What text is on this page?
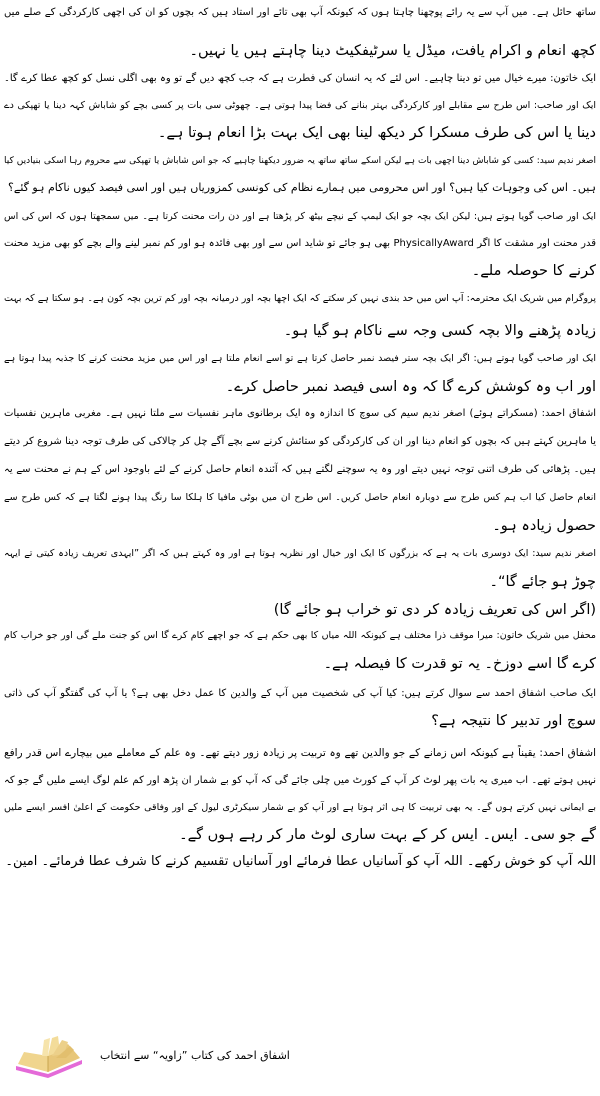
ساتھ حائل ہے۔ میں آپ سے یہ رائے پوچھنا چاہتا ہوں کہ کیونکہ آپ بھی تائے اور استاد ہیں کہ بچوں کو ان کی اچھی کارکردگی کے صلے میں
کچھ انعام و اکرام یافت، میڈل یا سرٹیفکیٹ دینا چاہتے ہیں یا نہیں۔
ایک خاتون: میرے خیال میں تو دینا چاہیے۔ اس لئے کہ یہ انسان کی فطرت ہے کہ جب کچھ دیں گے تو وہ بھی اگلی نسل کو کچھ عطا کرے گا۔
ایک اور صاحب: اس طرح سے مقابلے اور کارکردگی بہتر بنانے کی فضا پیدا ہوتی ہے۔ چھوٹی سی بات پر کسی بچے کو شاباش کہہ دینا یا تھپکی دے
دینا یا اس کی طرف مسکرا کر دیکھ لینا بھی ایک بہت بڑا انعام ہوتا ہے۔
اصغر ندیم سید: کسی کو شاباش دینا اچھی بات ہے لیکن اسکے ساتھ ساتھ یہ ضرور دیکھنا چاہیے کہ جو اس شاباش یا تھپکی سے محروم رہا اسکی بنیادیں کیا
ہیں۔ اس کی وجوہات کیا ہیں؟ اور اس محرومی میں ہمارے نظام کی کونسی کمزوریاں ہیں اور اسی فیصد کیوں ناکام ہو گئے؟
ایک اور صاحب گویا ہوتے ہیں: لیکن ایک بچہ جو ایک لیمپ کے نیچے بیٹھ کر پڑھتا ہے اور دن رات محنت کرتا ہے۔ میں سمجھتا ہوں کہ اس کی اس
قدر محنت اور مشقت کا اگر PhysicallyAward بھی ہو جائے تو شاید اس سے اور بھی فائدہ ہو اور کم نمبر لینے والے بچے کو بھی مزید محنت
کرنے کا حوصلہ ملے۔
پروگرام میں شریک ایک محترمہ: آپ اس میں حد بندی نہیں کر سکتے کہ ایک اچھا بچہ اور درمیانہ بچہ اور کم ترین بچہ کون ہے۔ ہو سکتا ہے کہ بہت
زیادہ پڑھنے والا بچہ کسی وجہ سے ناکام ہو گیا ہو۔
ایک اور صاحب گویا ہوتے ہیں: اگر ایک بچہ ستر فیصد نمبر حاصل کرتا ہے تو اسے انعام ملتا ہے اور اس میں مزید محنت کرنے کا جذبہ پیدا ہوتا ہے
اور اب وہ کوشش کرے گا کہ وہ اسی فیصد نمبر حاصل کرے۔
اشفاق احمد: (مسکراتے ہوئے) اصغر ندیم سیم کی سوچ کا اندازہ وہ ایک برطانوی ماہر نفسیات سے ملتا نہیں ہے۔ مغربی ماہرین نفسیات
یا ماہرین کہتے ہیں کہ بچوں کو انعام دینا اور ان کی کارکردگی کو ستائش کرنے سے بچے آگے چل کر چالاکی کی طرف توجہ دینا شروع کر دیتے
ہیں۔ پڑھائی کی طرف اتنی توجہ نہیں دیتے اور وہ یہ سوچنے لگتے ہیں کہ آئندہ انعام حاصل کرنے کے لئے باوجود اس کے ہم نے محنت سے یہ
انعام حاصل کیا اب ہم کس طرح سے دوبارہ انعام حاصل کریں۔ اس طرح ان میں بوٹی مافیا کا ہلکا سا رنگ پیدا ہونے لگتا ہے کہ کس طرح سے
حصول زیادہ ہو۔
اصغر ندیم سید: ایک دوسری بات یہ ہے کہ بزرگوں کا ایک اور خیال اور نظریہ ہوتا ہے اور وہ کہتے ہیں کہ اگر ”ایہدی تعریف زیادہ کیتی تے ایہہ
چوڑ ہو جائے گا“۔
(اگر اس کی تعریف زیادہ کر دی تو خراب ہو جائے گا)
محفل میں شریک خاتون: میرا موقف ذرا مختلف ہے کیونکہ اللہ میاں کا بھی حکم ہے کہ جو اچھے کام کرے گا اس کو جنت ملے گی اور جو خراب کام
کرے گا اسے دوزخ۔ یہ تو قدرت کا فیصلہ ہے۔
ایک صاحب اشفاق احمد سے سوال کرتے ہیں: کیا آپ کی شخصیت میں آپ کے والدین کا عمل دخل بھی ہے؟ یا آپ کی گفتگو آپ کی ذاتی
سوچ اور تدبیر کا نتیجہ ہے؟
اشفاق احمد: یقیناً ہے کیونکہ اس زمانے کے جو والدین تھے وہ تربیت پر زیادہ زور دیتے تھے۔ وہ علم کے معاملے میں بیچارے اس قدر رافع
نہیں ہوتے تھے۔ اب میری یہ بات پھر لوٹ کر آپ کے کورٹ میں چلی جائے گی کہ آپ کو بے شمار ان پڑھ اور کم علم لوگ ایسے ملیں گے جو کہ
بے ایمانی نہیں کرتے ہوں گے۔ یہ بھی تربیت کا ہی اثر ہوتا ہے اور آپ کو بے شمار سیکرٹری لیول کے اور وفاقی حکومت کے اعلیٰ افسر ایسے ملیں
گے جو سی۔ ایس۔ ایس کر کے بہت ساری لوٹ مار کر رہے ہوں گے۔
اللہ آپ کو خوش رکھے۔ اللہ آپ کو آسانیاں عطا فرمائے اور آسانیاں تقسیم کرنے کا شرف عطا فرمائے۔ امین۔
اشفاق احمد کی کتاب ”زاویہ“ سے انتخاب
